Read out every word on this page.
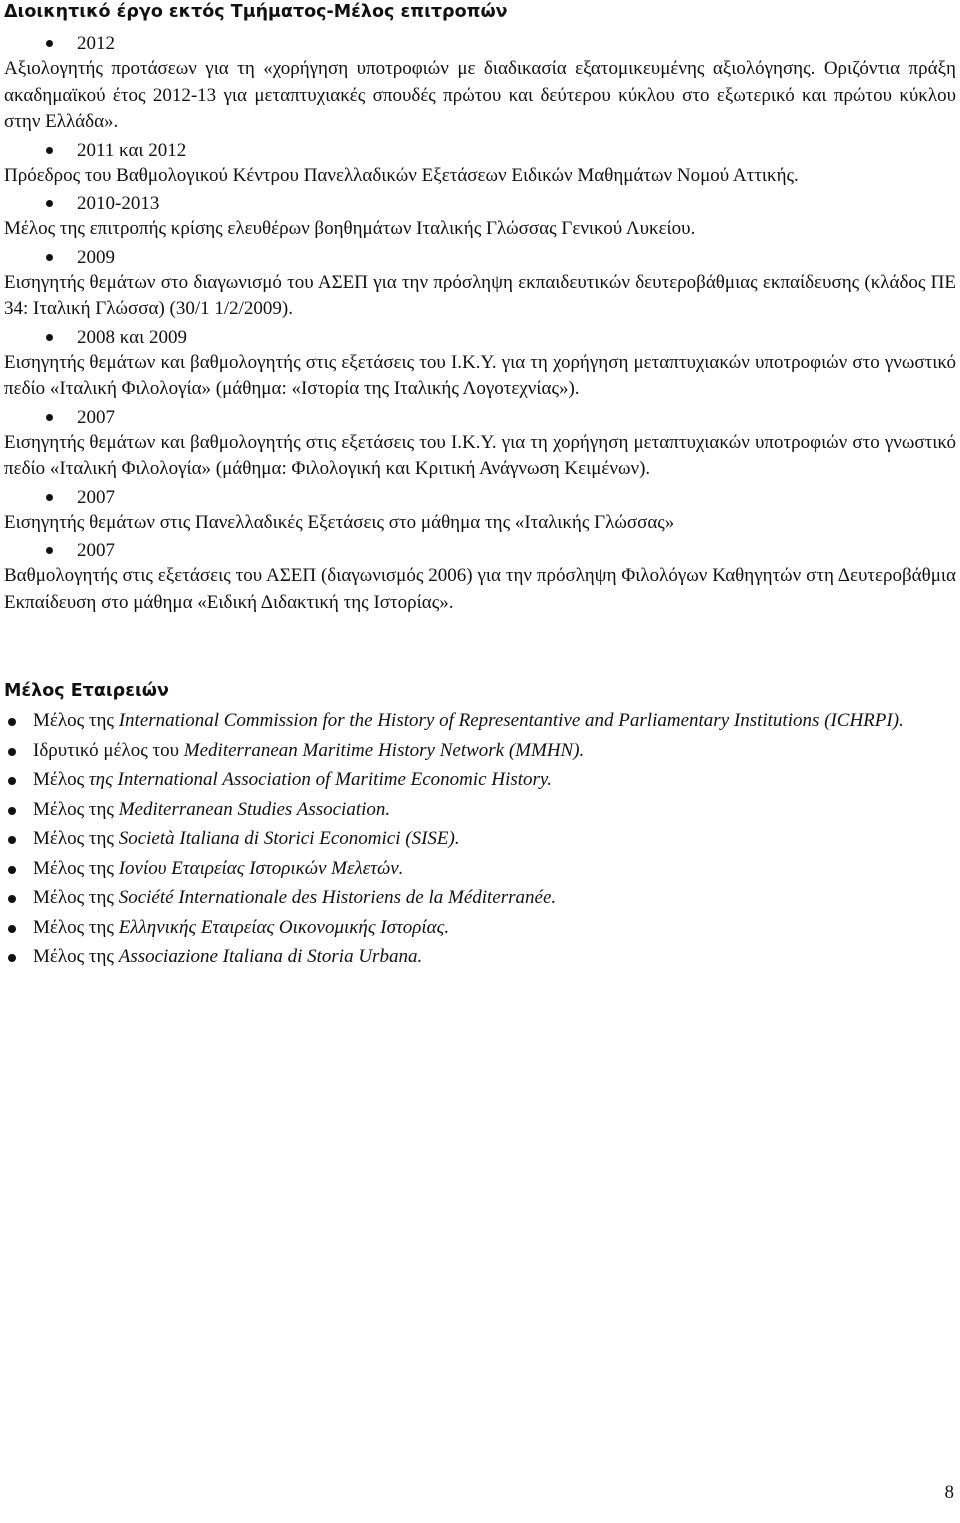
Διοικητικό έργο εκτός Τμήματος-Μέλος επιτροπών
2012
Αξιολογητής προτάσεων για τη «χορήγηση υποτροφιών με διαδικασία εξατομικευμένης αξιολόγησης. Οριζόντια πράξη ακαδημαϊκού έτος 2012-13 για μεταπτυχιακές σπουδές πρώτου και δεύτερου κύκλου στο εξωτερικό και πρώτου κύκλου στην Ελλάδα».
2011 και 2012
Πρόεδρος του Βαθμολογικού Κέντρου Πανελλαδικών Εξετάσεων Ειδικών Μαθημάτων Νομού Αττικής.
2010-2013
Μέλος της επιτροπής κρίσης ελευθέρων βοηθημάτων Ιταλικής Γλώσσας Γενικού Λυκείου.
2009
Εισηγητής θεμάτων στο διαγωνισμό του ΑΣΕΠ για την πρόσληψη εκπαιδευτικών δευτεροβάθμιας εκπαίδευσης (κλάδος ΠΕ 34: Ιταλική Γλώσσα) (30/1 1/2/2009).
2008 και 2009
Εισηγητής θεμάτων και βαθμολογητής στις εξετάσεις του Ι.Κ.Υ. για τη χορήγηση μεταπτυχιακών υποτροφιών στο γνωστικό πεδίο «Ιταλική Φιλολογία» (μάθημα: «Ιστορία της Ιταλικής Λογοτεχνίας»).
2007
Εισηγητής θεμάτων και βαθμολογητής στις εξετάσεις του Ι.Κ.Υ. για τη χορήγηση μεταπτυχιακών υποτροφιών στο γνωστικό πεδίο «Ιταλική Φιλολογία» (μάθημα: Φιλολογική και Κριτική Ανάγνωση Κειμένων).
2007
Εισηγητής θεμάτων στις Πανελλαδικές Εξετάσεις στο μάθημα της «Ιταλικής Γλώσσας»
2007
Βαθμολογητής στις εξετάσεις του ΑΣΕΠ (διαγωνισμός 2006) για την πρόσληψη Φιλολόγων Καθηγητών στη Δευτεροβάθμια Εκπαίδευση στο μάθημα «Ειδική Διδακτική της Ιστορίας».
Μέλος Εταιρειών
Μέλος της International Commission for the History of Representantive and Parliamentary Institutions (ICHRPI).
Ιδρυτικό μέλος του Mediterranean Maritime History Network (MMHN).
Μέλος της International Association of Maritime Economic History.
Μέλος της Mediterranean Studies Association.
Μέλος της Società Italiana di Storici Economici (SISE).
Μέλος της Ιονίου Εταιρείας Ιστορικών Μελετών.
Μέλος της Société Internationale des Historiens de la Méditerranée.
Μέλος της Ελληνικής Εταιρείας Οικονομικής Ιστορίας.
Μέλος της Associazione Italiana di Storia Urbana.
8
